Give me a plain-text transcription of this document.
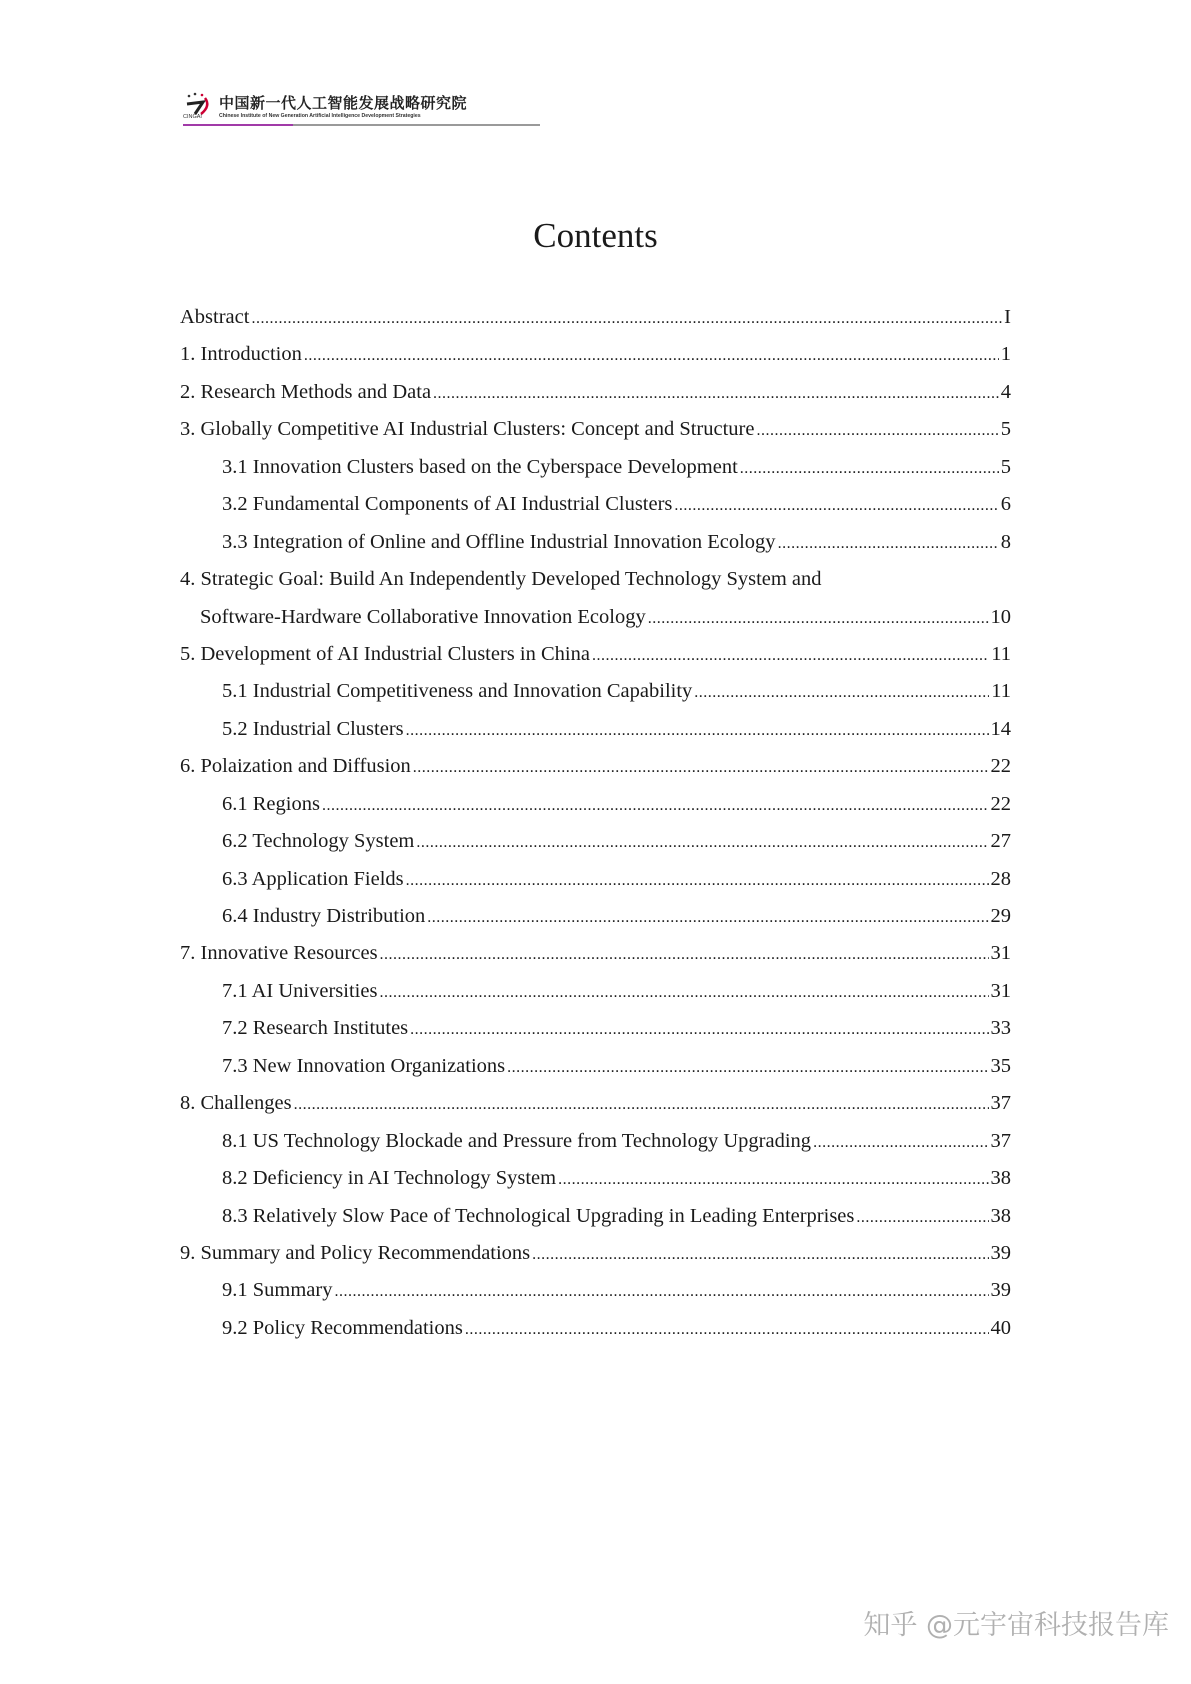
中国新一代人工智能发展战略研究院
CINGAI	Chinese Institute of New Generation Artificial Intelligence Development Strategies
Contents
Abstract .....	I
1. Introduction .....	1
2. Research Methods and Data .....	4
3. Globally Competitive AI Industrial Clusters: Concept and Structure .....	5
3.1 Innovation Clusters based on the Cyberspace Development .....	5
3.2 Fundamental Components of AI Industrial Clusters .....	6
3.3 Integration of Online and Offline Industrial Innovation Ecology .....	8
4. Strategic Goal: Build An Independently Developed Technology System and
Software-Hardware Collaborative Innovation Ecology .....	10
5. Development of AI Industrial Clusters in China .....	11
5.1 Industrial Competitiveness and Innovation Capability .....	11
5.2 Industrial Clusters .....	14
6. Polaization and Diffusion .....	22
6.1 Regions .....	22
6.2 Technology System .....	27
6.3 Application Fields .....	28
6.4 Industry Distribution .....	29
7. Innovative Resources .....	31
7.1 AI Universities .....	31
7.2 Research Institutes .....	33
7.3 New Innovation Organizations .....	35
8. Challenges .....	37
8.1 US Technology Blockade and Pressure from Technology Upgrading .....	37
8.2 Deficiency in AI Technology System .....	38
8.3 Relatively Slow Pace of Technological Upgrading in Leading Enterprises .....	38
9. Summary and Policy Recommendations .....	39
9.1 Summary .....	39
9.2 Policy Recommendations .....	40
知乎 @元宇宙科技报告库
